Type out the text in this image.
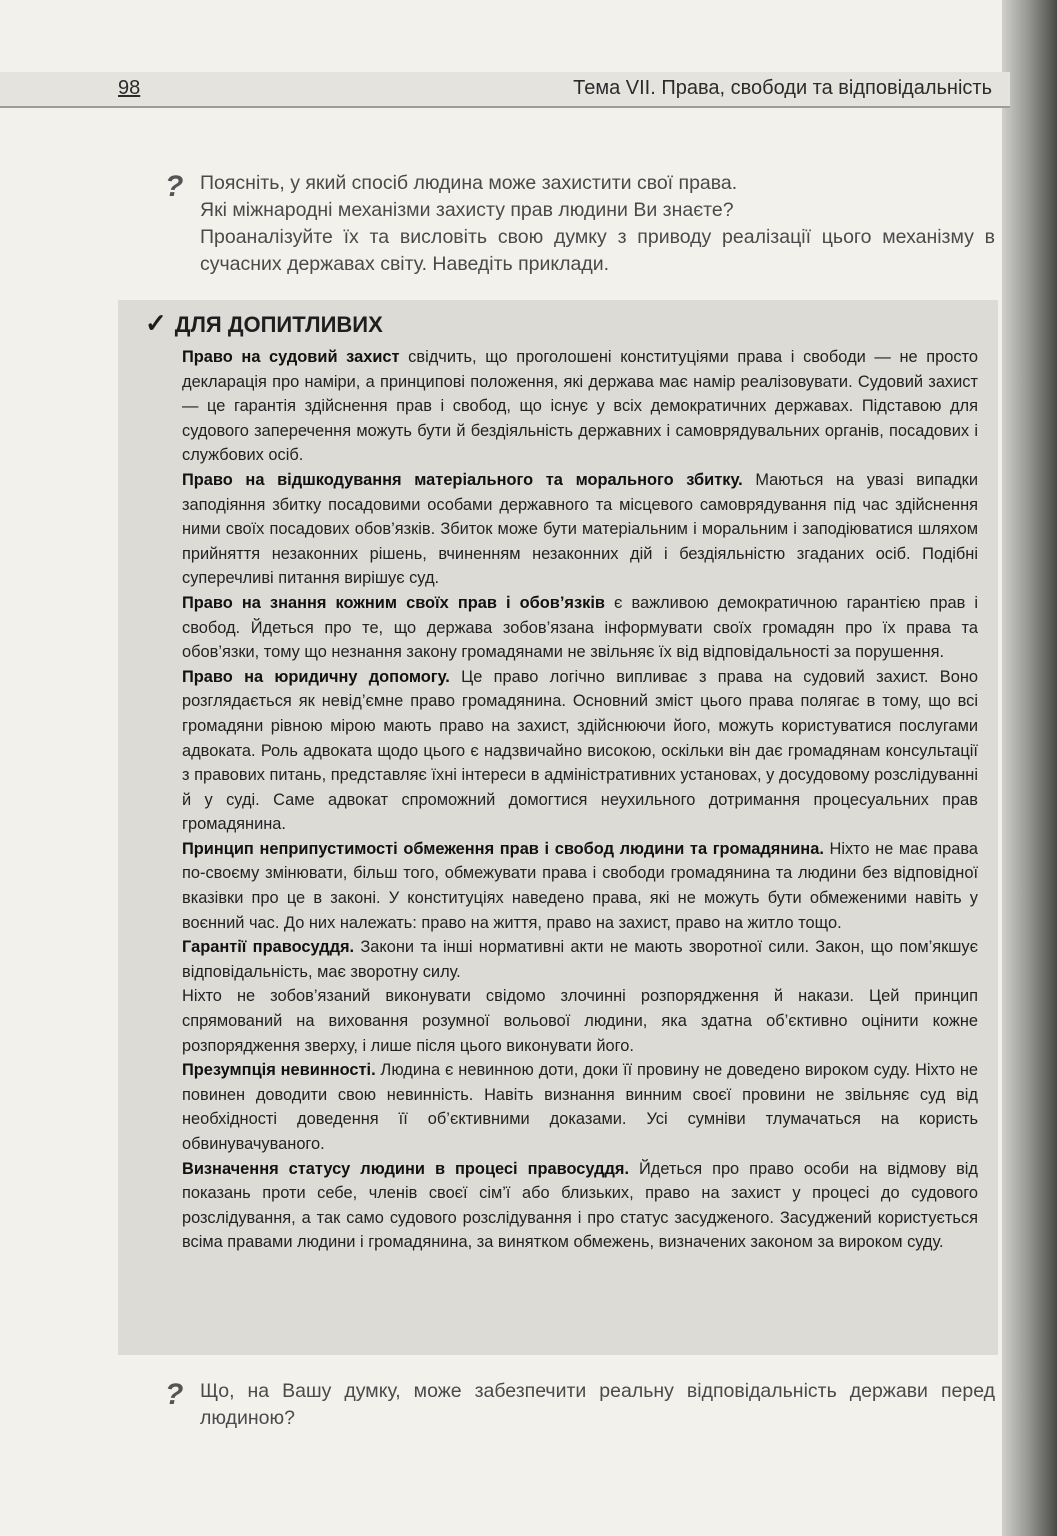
98	Тема VII. Права, свободи та відповідальність
? Поясніть, у який спосіб людина може захистити свої права.

Які міжнародні механізми захисту прав людини Ви знаєте?

Проаналізуйте їх та висловіть свою думку з приводу реалізації цього механізму в сучасних державах світу. Наведіть приклади.

✓ ДЛЯ ДОПИТЛИВИХ

Право на судовий захист свідчить, що проголошені конституціями права і свободи — не просто декларація про наміри, а принципові положення, які держава має намір реалізовувати. Судовий захист — це гарантія здійснення прав і свобод, що існує у всіх демократичних державах. Підставою для судового заперечення можуть бути й бездіяльність державних і самоврядувальних органів, посадових і службових осіб.

Право на відшкодування матеріального та морального збитку. Маються на увазі випадки заподіяння збитку посадовими особами державного та місцевого самоврядування під час здійснення ними своїх посадових обов’язків. Збиток може бути матеріальним і моральним і заподіюватися шляхом прийняття незаконних рішень, вчиненням незаконних дій і бездіяльністю згаданих осіб. Подібні суперечливі питання вирішує суд.

Право на знання кожним своїх прав і обов’язків є важливою демократичною гарантією прав і свобод. Йдеться про те, що держава зобов’язана інформувати своїх громадян про їх права та обов’язки, тому що незнання закону громадянами не звільняє їх від відповідальності за порушення.

Право на юридичну допомогу. Це право логічно випливає з права на судовий захист. Воно розглядається як невід’ємне право громадянина. Основний зміст цього права полягає в тому, що всі громадяни рівною мірою мають право на захист, здійснюючи його, можуть користуватися послугами адвоката. Роль адвоката щодо цього є надзвичайно високою, оскільки він дає громадянам консультації з правових питань, представляє їхні інтереси в адміністративних установах, у досудовому розслідуванні й у суді. Саме адвокат спроможний домогтися неухильного дотримання процесуальних прав громадянина.

Принцип неприпустимості обмеження прав і свобод людини та громадянина. Ніхто не має права по-своєму змінювати, більш того, обмежувати права і свободи громадянина та людини без відповідної вказівки про це в законі. У конституціях наведено права, які не можуть бути обмеженими навіть у воєнний час. До них належать: право на життя, право на захист, право на житло тощо.

Гарантії правосуддя. Закони та інші нормативні акти не мають зворотної сили. Закон, що пом’якшує відповідальність, має зворотну силу.

Ніхто не зобов’язаний виконувати свідомо злочинні розпорядження й накази. Цей принцип спрямований на виховання розумної вольової людини, яка здатна об’єктивно оцінити кожне розпорядження зверху, і лише після цього виконувати його.

Презумпція невинності. Людина є невинною доти, доки її провину не доведено вироком суду. Ніхто не повинен доводити свою невинність. Навіть визнання винним своєї провини не звільняє суд від необхідності доведення її об’єктивними доказами. Усі сумніви тлумачаться на користь обвинувачуваного.

Визначення статусу людини в процесі правосуддя. Йдеться про право особи на відмову від показань проти себе, членів своєї сім’ї або близьких, право на захист у процесі до судового розслідування, а так само судового розслідування і про статус засудженого. Засуджений користується всіма правами людини і громадянина, за винятком обмежень, визначених законом за вироком суду.

? Що, на Вашу думку, може забезпечити реальну відповідальність держави перед людиною?
